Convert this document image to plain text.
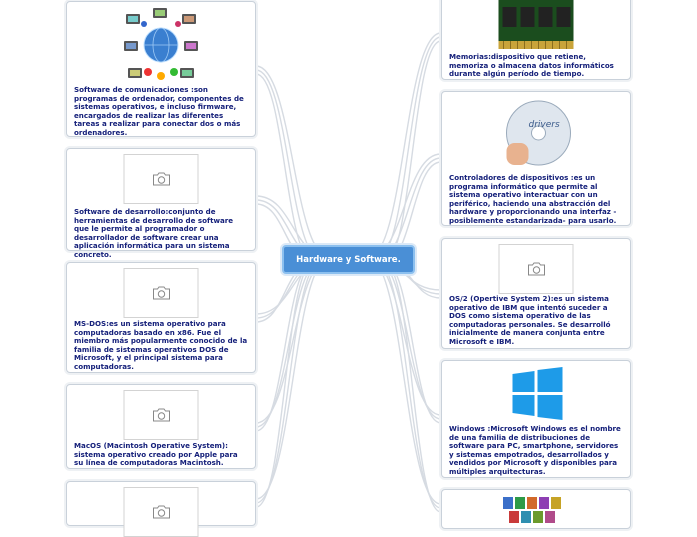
Software de comunicaciones :son programas de ordenador, componentes de sistemas operativos, e incluso firmware, encargados de realizar las diferentes tareas a realizar para conectar dos o más ordenadores.
Software de desarrollo:conjunto de herramientas de desarrollo de software que le permite al programador o desarrollador de software crear una aplicación informática para un sistema concreto.
MS-DOS:es un sistema operativo para computadoras basado en x86. Fue el miembro más popularmente conocido de la familia de sistemas operativos DOS de Microsoft, y el principal sistema para computadoras.
MacOS (Macintosh Operative System): sistema operativo creado por Apple para su línea de computadoras Macintosh.
Hardware y Software.
Memorias:dispositivo que retiene, memoriza o almacena datos informáticos durante algún período de tiempo.
drivers
Controladores de dispositivos :es un programa informático que permite al sistema operativo interactuar con un periférico, haciendo una abstracción del hardware y proporcionando una interfaz -posiblemente estandarizada- para usarlo.
OS/2 (Opertive System 2):es un sistema operativo de IBM que intentó suceder a DOS como sistema operativo de las computadoras personales. Se desarrolló inicialmente de manera conjunta entre Microsoft e IBM.
Windows :Microsoft Windows es el nombre de una familia de distribuciones de software para PC, smartphone, servidores y sistemas empotrados, desarrollados y vendidos por Microsoft y disponibles para múltiples arquitecturas.
